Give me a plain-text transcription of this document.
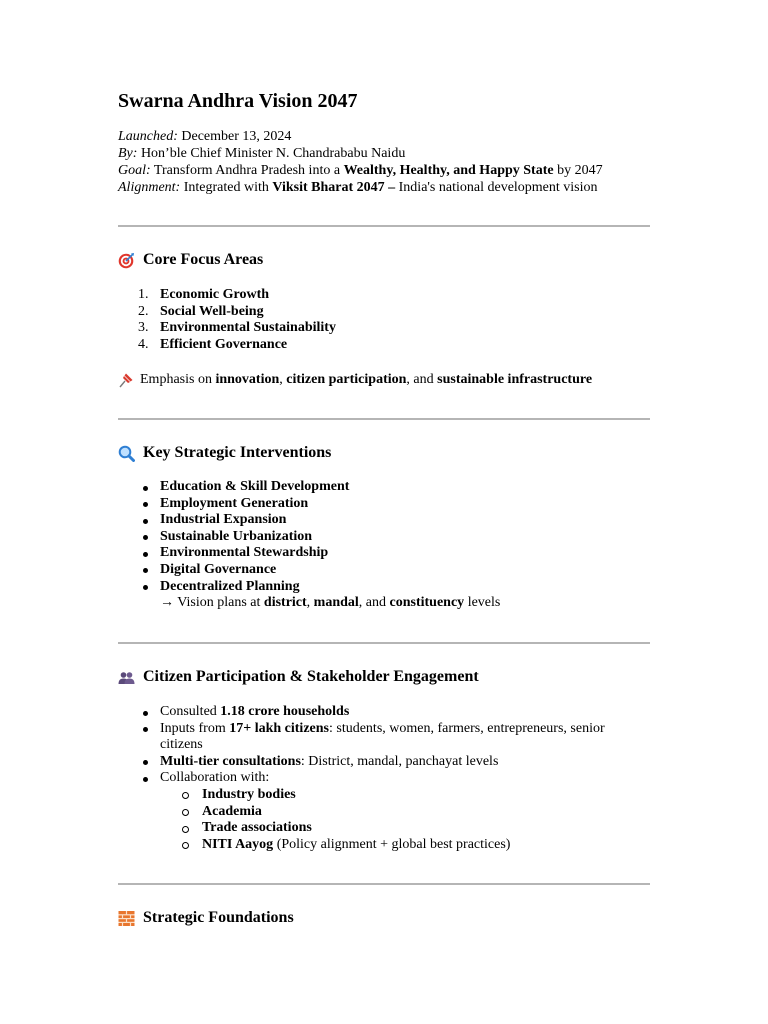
Swarna Andhra Vision 2047
Launched: December 13, 2024
By: Hon’ble Chief Minister N. Chandrababu Naidu
Goal: Transform Andhra Pradesh into a Wealthy, Healthy, and Happy State by 2047
Alignment: Integrated with Viksit Bharat 2047 – India's national development vision
Core Focus Areas
1. Economic Growth
2. Social Well-being
3. Environmental Sustainability
4. Efficient Governance
Emphasis on
innovation ,
citizen participation , and
sustainable infrastructure
Key Strategic Interventions
Education & Skill Development
Employment Generation
Industrial Expansion
Sustainable Urbanization
Environmental Stewardship
Digital Governance
Decentralized Planning
→ Vision plans at district, mandal, and constituency levels
Citizen Participation & Stakeholder Engagement
Consulted 1.18 crore households
Inputs from 17+ lakh citizens: students, women, farmers, entrepreneurs, senior
citizens
Multi-tier consultations: District, mandal, panchayat levels
Collaboration with:
Industry bodies
Academia
Trade associations
NITI Aayog (Policy alignment + global best practices)
Strategic Foundations
